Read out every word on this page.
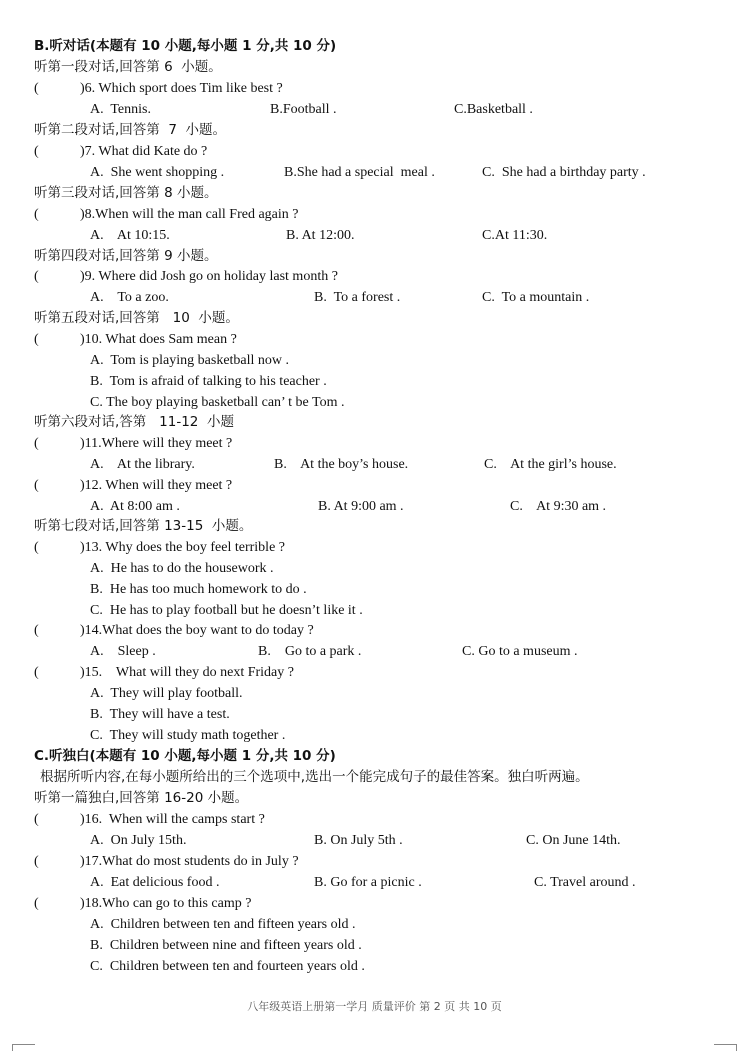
B.听对话(本题有 10 小题,每小题 1 分,共 10 分)

听第一段对话,回答第 6  小题。

(

	)6. Which sport does Tim like best ?

A.  Tennis.

	B.Football .

	C.Basketball .

听第二段对话,回答第  7  小题。

(

	)7. What did Kate do ?

A.  She went shopping .

	B.She had a special  meal .

	C.  She had a birthday party .

听第三段对话,回答第 8 小题。

(

	)8.When will the man call Fred again ?

A.    At 10:15.

	B. At 12:00.

	C.At 11:30.

听第四段对话,回答第 9 小题。

(

	)9. Where did Josh go on holiday last month ?

A.    To a zoo.

	B.  To a forest .

	C.  To a mountain .

听第五段对话,回答第   10  小题。

(

	)10. What does Sam mean ?

A.  Tom is playing basketball now .

B.  Tom is afraid of talking to his teacher .

C. The boy playing basketball can’ t be Tom .

听第六段对话,答第   11-12  小题

(

	)11.Where will they meet ?

A.    At the library.

	B.    At the boy’s house.

	C.    At the girl’s house.

(

	)12. When will they meet ?

A.  At 8:00 am .

	B. At 9:00 am .

	C.    At 9:30 am .

听第七段对话,回答第 13-15  小题。

(

	)13. Why does the boy feel terrible ?

A.  He has to do the housework .

B.  He has too much homework to do .

C.  He has to play football but he doesn’t like it .

(

	)14.What does the boy want to do today ?

A.    Sleep .

	B.    Go to a park .

	C. Go to a museum .

(

	)15.    What will they do next Friday ?

A.  They will play football.

B.  They will have a test.

C.  They will study math together .

C.听独白(本题有 10 小题,每小题 1 分,共 10 分)

根据所听内容,在每小题所给出的三个选项中,选出一个能完成句子的最佳答案。独白听两遍。

听第一篇独白,回答第 16-20 小题。

(

	)16.  When will the camps start ?

A.  On July 15th.

	B. On July 5th .

	C. On June 14th.

(

	)17.What do most students do in July ?

A.  Eat delicious food .

	B. Go for a picnic .

	C. Travel around .

(

	)18.Who can go to this camp ?

A.  Children between ten and fifteen years old .

B.  Children between nine and fifteen years old .

C.  Children between ten and fourteen years old .

八年级英语上册第一学月 质量评价 第 2 页 共 10 页
